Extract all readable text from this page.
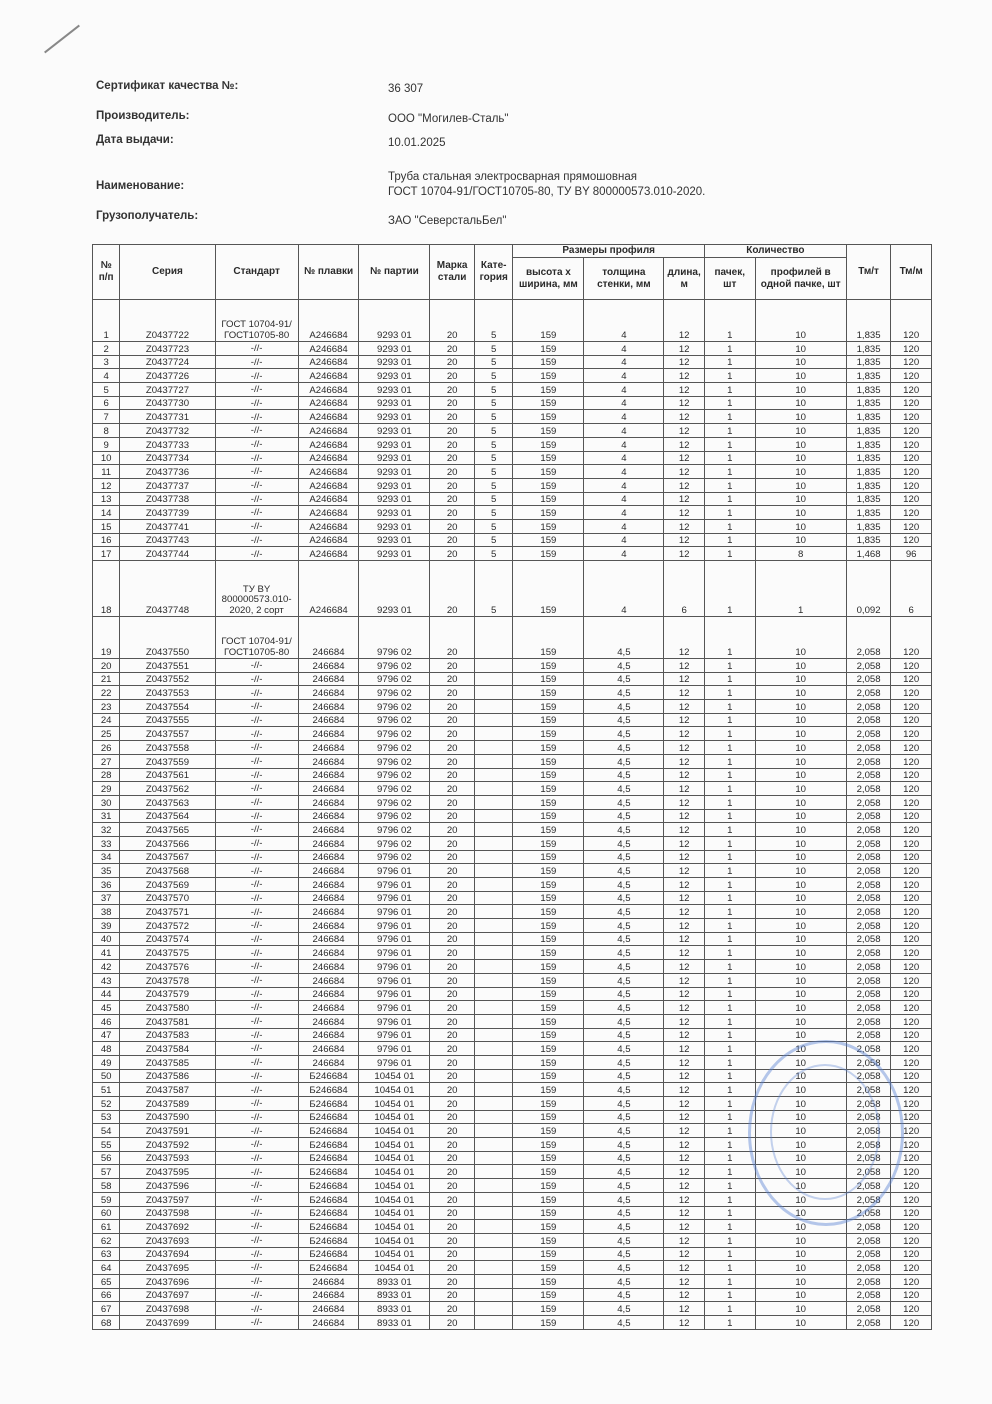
Сертификат качества №:	36 307
Производитель:	ООО "Могилев-Сталь"
Дата выдачи:	10.01.2025
Наименование:
Труба стальная электросварная прямошовная
ГОСТ 10704-91/ГОСТ10705-80, ТУ BY 800000573.010-2020.
Грузополучатель:	ЗАО "СеверстальБел"
№ п/п	Серия	Стандарт	№ плавки	№ партии	Марка стали	Кате-гория	Размеры профиля			Количество		Тм/т	Тм/м
							высота х ширина, мм	толщина стенки, мм	длина, м	пачек, шт	профилей в одной пачке, шт		
1	Z0437722	ГОСТ 10704-91/ГОСТ10705-80	А246684	9293 01	20	5	159	4	12	1	10	1,835	120
2	Z0437723	-//-	А246684	9293 01	20	5	159	4	12	1	10	1,835	120
3	Z0437724	-//-	А246684	9293 01	20	5	159	4	12	1	10	1,835	120
4	Z0437726	-//-	А246684	9293 01	20	5	159	4	12	1	10	1,835	120
5	Z0437727	-//-	А246684	9293 01	20	5	159	4	12	1	10	1,835	120
6	Z0437730	-//-	А246684	9293 01	20	5	159	4	12	1	10	1,835	120
7	Z0437731	-//-	А246684	9293 01	20	5	159	4	12	1	10	1,835	120
8	Z0437732	-//-	А246684	9293 01	20	5	159	4	12	1	10	1,835	120
9	Z0437733	-//-	А246684	9293 01	20	5	159	4	12	1	10	1,835	120
10	Z0437734	-//-	А246684	9293 01	20	5	159	4	12	1	10	1,835	120
11	Z0437736	-//-	А246684	9293 01	20	5	159	4	12	1	10	1,835	120
12	Z0437737	-//-	А246684	9293 01	20	5	159	4	12	1	10	1,835	120
13	Z0437738	-//-	А246684	9293 01	20	5	159	4	12	1	10	1,835	120
14	Z0437739	-//-	А246684	9293 01	20	5	159	4	12	1	10	1,835	120
15	Z0437741	-//-	А246684	9293 01	20	5	159	4	12	1	10	1,835	120
16	Z0437743	-//-	А246684	9293 01	20	5	159	4	12	1	10	1,835	120
17	Z0437744	-//-	А246684	9293 01	20	5	159	4	12	1	8	1,468	96
18	Z0437748	ТУ BY 800000573.010-2020, 2 сорт	А246684	9293 01	20	5	159	4	6	1	1	0,092	6
19	Z0437550	ГОСТ 10704-91/ГОСТ10705-80	246684	9796 02	20		159	4,5	12	1	10	2,058	120
20	Z0437551	-//-	246684	9796 02	20		159	4,5	12	1	10	2,058	120
21	Z0437552	-//-	246684	9796 02	20		159	4,5	12	1	10	2,058	120
22	Z0437553	-//-	246684	9796 02	20		159	4,5	12	1	10	2,058	120
23	Z0437554	-//-	246684	9796 02	20		159	4,5	12	1	10	2,058	120
24	Z0437555	-//-	246684	9796 02	20		159	4,5	12	1	10	2,058	120
25	Z0437557	-//-	246684	9796 02	20		159	4,5	12	1	10	2,058	120
26	Z0437558	-//-	246684	9796 02	20		159	4,5	12	1	10	2,058	120
27	Z0437559	-//-	246684	9796 02	20		159	4,5	12	1	10	2,058	120
28	Z0437561	-//-	246684	9796 02	20		159	4,5	12	1	10	2,058	120
29	Z0437562	-//-	246684	9796 02	20		159	4,5	12	1	10	2,058	120
30	Z0437563	-//-	246684	9796 02	20		159	4,5	12	1	10	2,058	120
31	Z0437564	-//-	246684	9796 02	20		159	4,5	12	1	10	2,058	120
32	Z0437565	-//-	246684	9796 02	20		159	4,5	12	1	10	2,058	120
33	Z0437566	-//-	246684	9796 02	20		159	4,5	12	1	10	2,058	120
34	Z0437567	-//-	246684	9796 02	20		159	4,5	12	1	10	2,058	120
35	Z0437568	-//-	246684	9796 01	20		159	4,5	12	1	10	2,058	120
36	Z0437569	-//-	246684	9796 01	20		159	4,5	12	1	10	2,058	120
37	Z0437570	-//-	246684	9796 01	20		159	4,5	12	1	10	2,058	120
38	Z0437571	-//-	246684	9796 01	20		159	4,5	12	1	10	2,058	120
39	Z0437572	-//-	246684	9796 01	20		159	4,5	12	1	10	2,058	120
40	Z0437574	-//-	246684	9796 01	20		159	4,5	12	1	10	2,058	120
41	Z0437575	-//-	246684	9796 01	20		159	4,5	12	1	10	2,058	120
42	Z0437576	-//-	246684	9796 01	20		159	4,5	12	1	10	2,058	120
43	Z0437578	-//-	246684	9796 01	20		159	4,5	12	1	10	2,058	120
44	Z0437579	-//-	246684	9796 01	20		159	4,5	12	1	10	2,058	120
45	Z0437580	-//-	246684	9796 01	20		159	4,5	12	1	10	2,058	120
46	Z0437581	-//-	246684	9796 01	20		159	4,5	12	1	10	2,058	120
47	Z0437583	-//-	246684	9796 01	20		159	4,5	12	1	10	2,058	120
48	Z0437584	-//-	246684	9796 01	20		159	4,5	12	1	10	2,058	120
49	Z0437585	-//-	246684	9796 01	20		159	4,5	12	1	10	2,058	120
50	Z0437586	-//-	Б246684	10454 01	20		159	4,5	12	1	10	2,058	120
51	Z0437587	-//-	Б246684	10454 01	20		159	4,5	12	1	10	2,058	120
52	Z0437589	-//-	Б246684	10454 01	20		159	4,5	12	1	10	2,058	120
53	Z0437590	-//-	Б246684	10454 01	20		159	4,5	12	1	10	2,058	120
54	Z0437591	-//-	Б246684	10454 01	20		159	4,5	12	1	10	2,058	120
55	Z0437592	-//-	Б246684	10454 01	20		159	4,5	12	1	10	2,058	120
56	Z0437593	-//-	Б246684	10454 01	20		159	4,5	12	1	10	2,058	120
57	Z0437595	-//-	Б246684	10454 01	20		159	4,5	12	1	10	2,058	120
58	Z0437596	-//-	Б246684	10454 01	20		159	4,5	12	1	10	2,058	120
59	Z0437597	-//-	Б246684	10454 01	20		159	4,5	12	1	10	2,058	120
60	Z0437598	-//-	Б246684	10454 01	20		159	4,5	12	1	10	2,058	120
61	Z0437692	-//-	Б246684	10454 01	20		159	4,5	12	1	10	2,058	120
62	Z0437693	-//-	Б246684	10454 01	20		159	4,5	12	1	10	2,058	120
63	Z0437694	-//-	Б246684	10454 01	20		159	4,5	12	1	10	2,058	120
64	Z0437695	-//-	Б246684	10454 01	20		159	4,5	12	1	10	2,058	120
65	Z0437696	-//-	246684	8933 01	20		159	4,5	12	1	10	2,058	120
66	Z0437697	-//-	246684	8933 01	20		159	4,5	12	1	10	2,058	120
67	Z0437698	-//-	246684	8933 01	20		159	4,5	12	1	10	2,058	120
68	Z0437699	-//-	246684	8933 01	20		159	4,5	12	1	10	2,058	120
